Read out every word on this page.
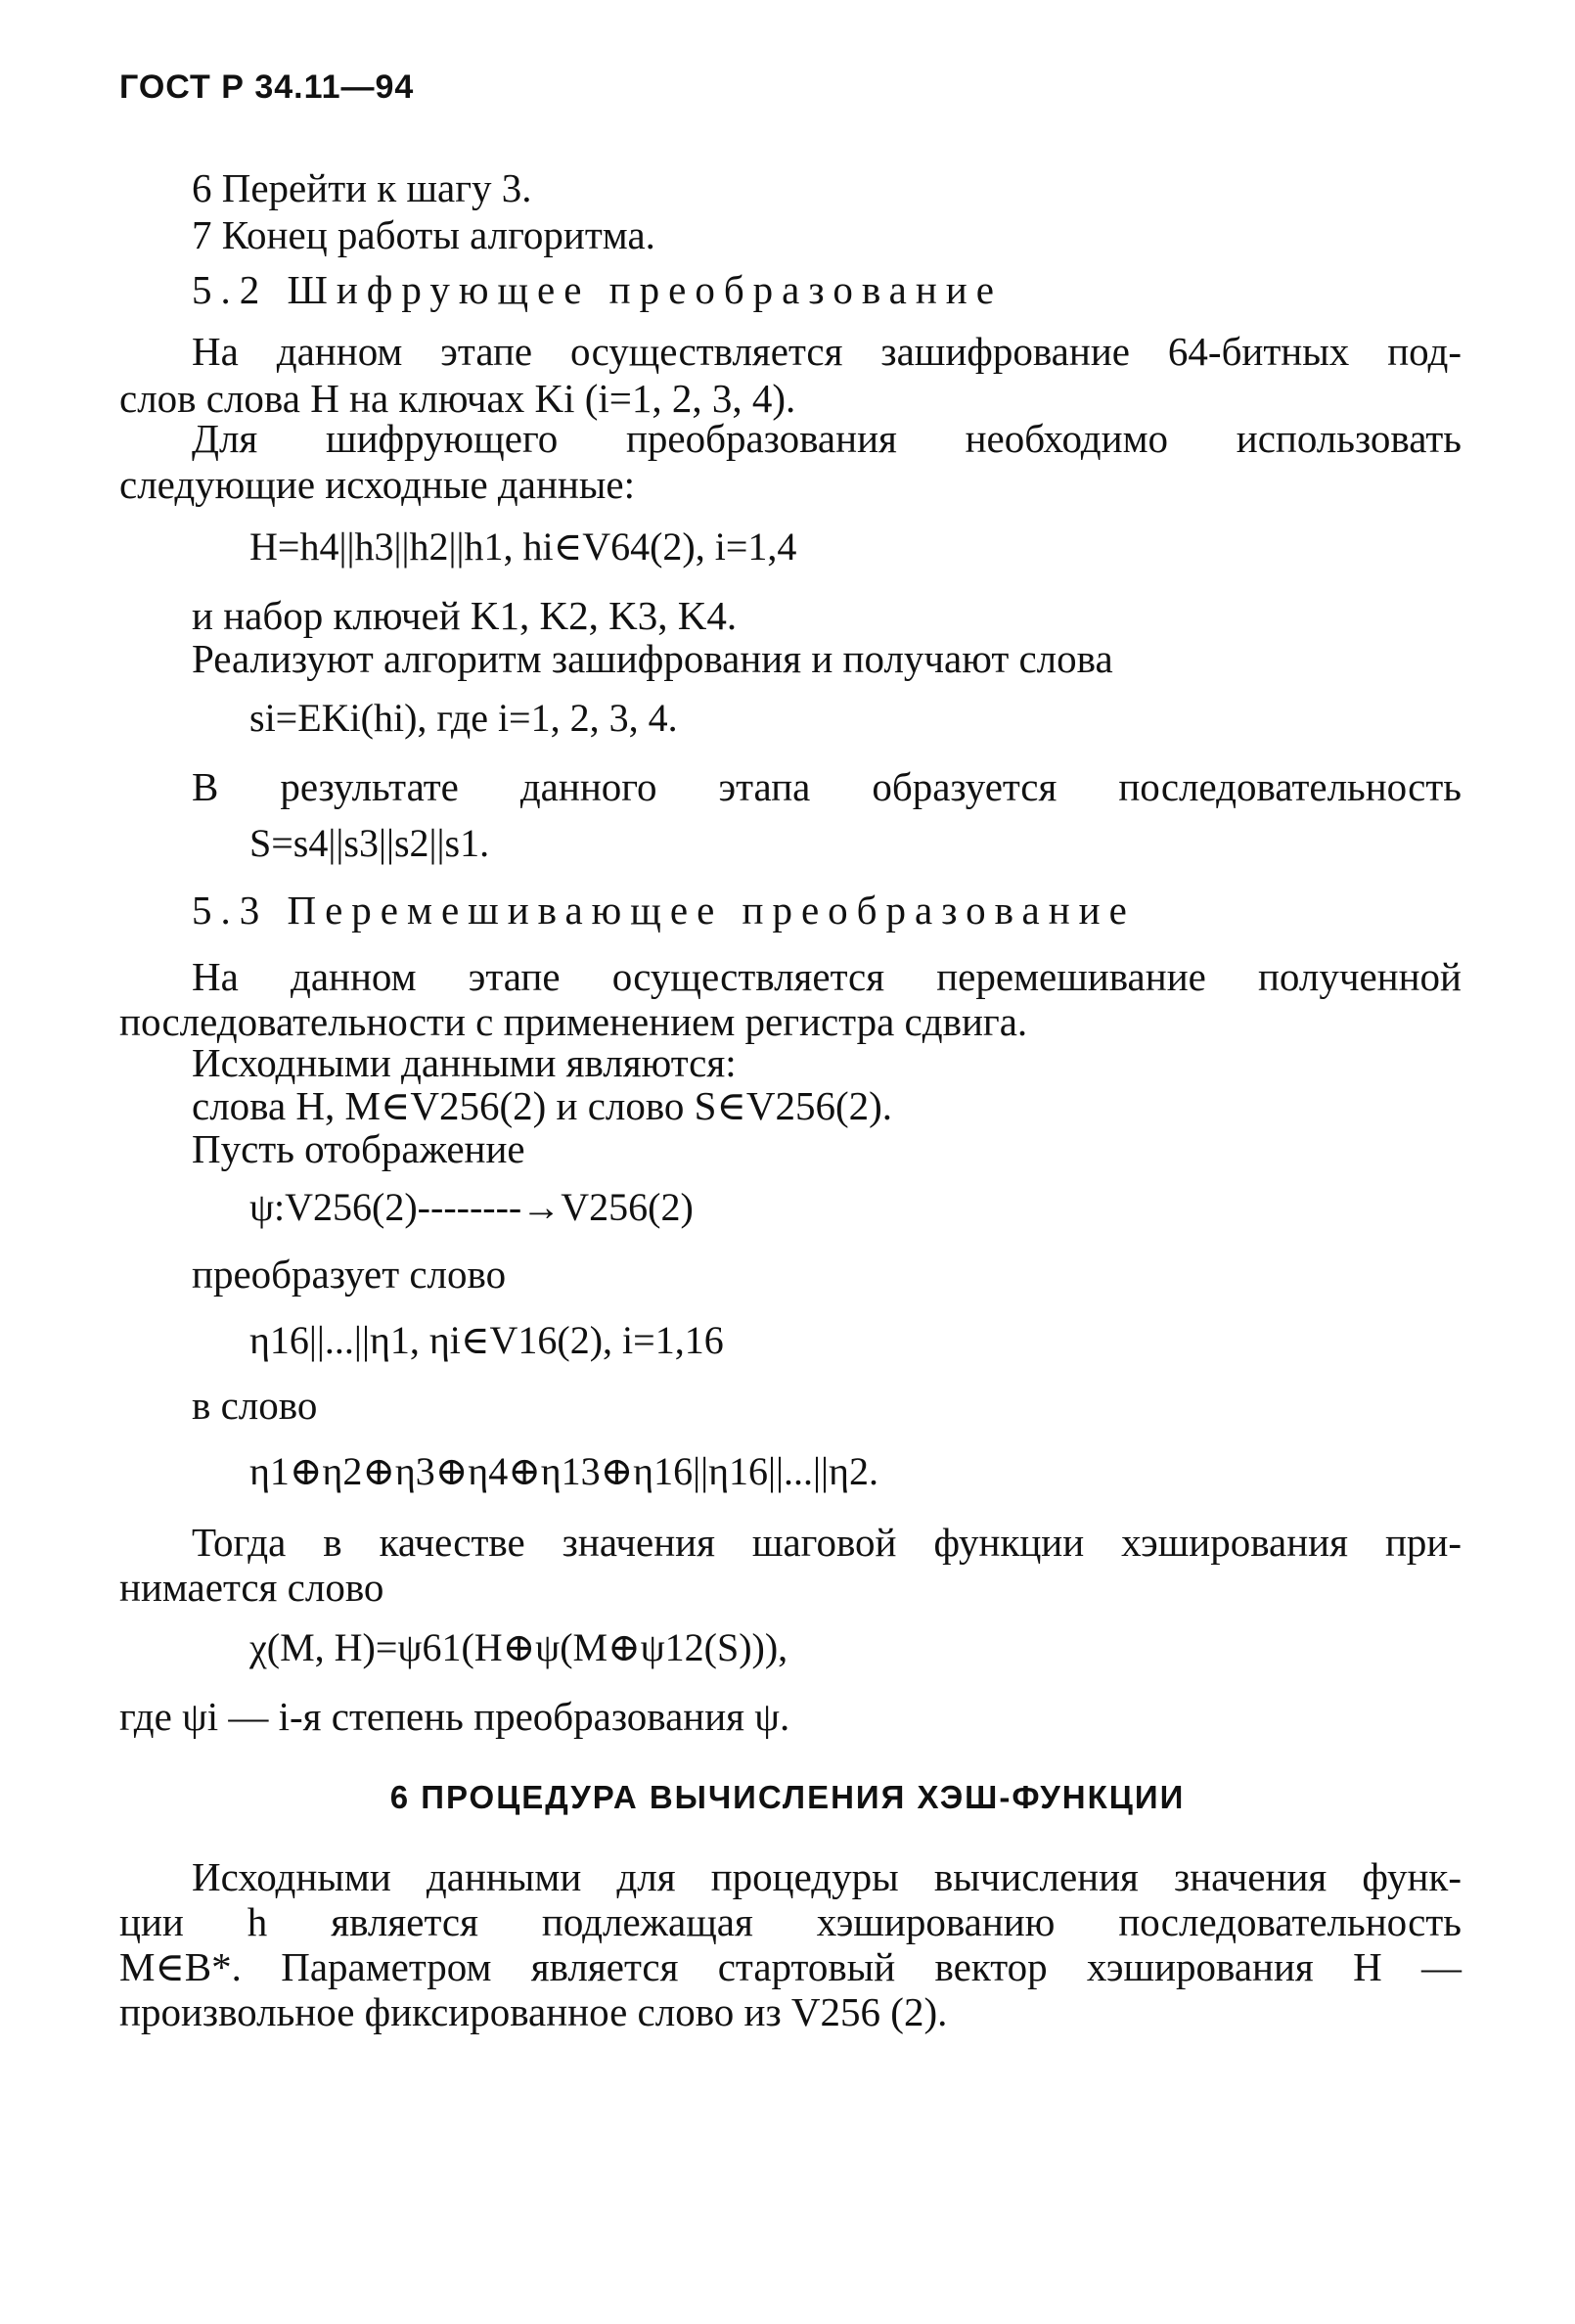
ГОСТ Р 34.11—94
6 Перейти к шагу 3.
7 Конец работы алгоритма.
5.2 Шифрующее преобразование
На данном этапе осуществляется зашифрование 64-битных под-
слов слова H на ключах Ki (i=1, 2, 3, 4).
Для шифрующего преобразования необходимо использовать
следующие исходные данные:
H=h4||h3||h2||h1, hi∈V64(2), i=1,4
и набор ключей K1, K2, K3, K4.
Реализуют алгоритм зашифрования и получают слова
si=EKi(hi), где i=1, 2, 3, 4.
В результате данного этапа образуется последовательность
S=s4||s3||s2||s1.
5.3 Перемешивающее преобразование
На данном этапе осуществляется перемешивание полученной
последовательности с применением регистра сдвига.
Исходными данными являются:
слова H, M∈V256(2) и слово S∈V256(2).
Пусть отображение
ψ:V256(2)--------→V256(2)
преобразует слово
η16||...||η1, ηi∈V16(2), i=1,16
в слово
η1⊕η2⊕η3⊕η4⊕η13⊕η16||η16||...||η2.
Тогда в качестве значения шаговой функции хэширования при-
нимается слово
χ(M, H)=ψ61(H⊕ψ(M⊕ψ12(S))),
где ψi — i-я степень преобразования ψ.
6 ПРОЦЕДУРА ВЫЧИСЛЕНИЯ ХЭШ-ФУНКЦИИ
Исходными данными для процедуры вычисления значения функ-
ции h является подлежащая хэшированию последовательность
M∈B*. Параметром является стартовый вектор хэширования H —
произвольное фиксированное слово из V256 (2).
